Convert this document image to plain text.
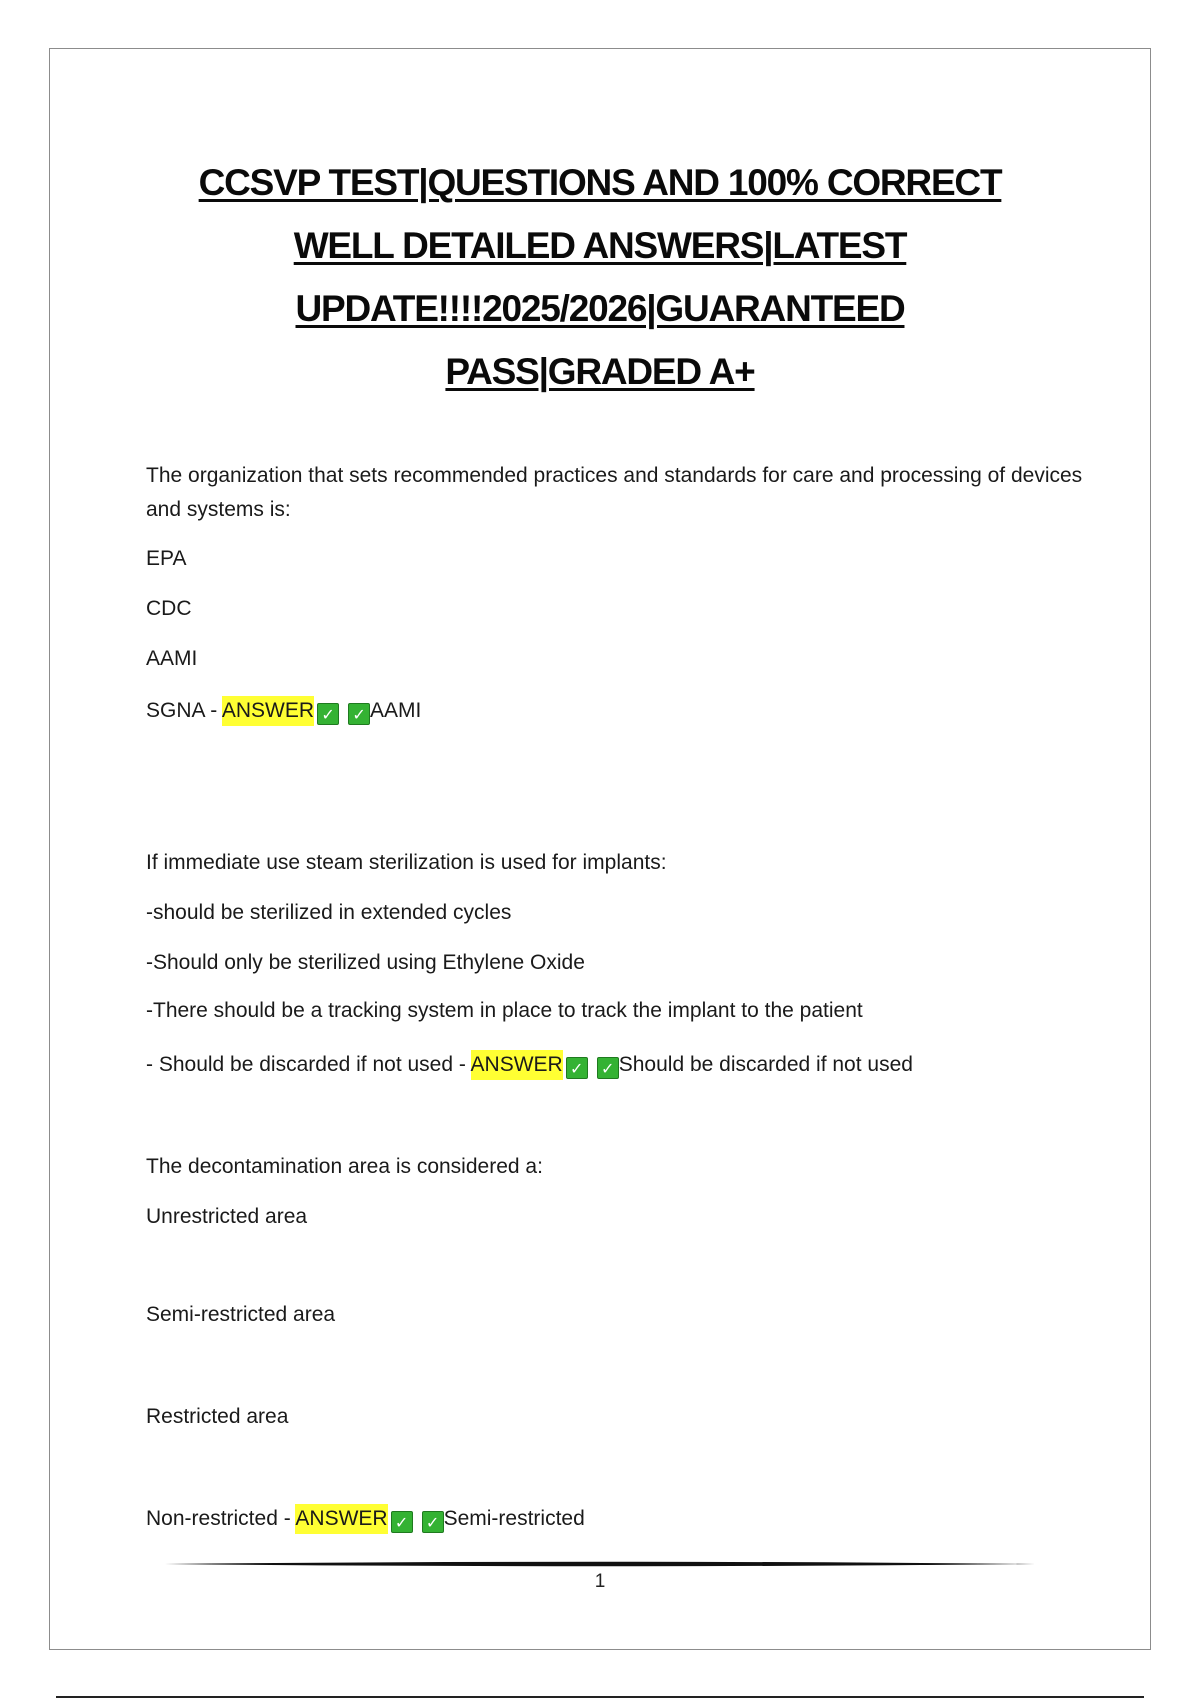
CCSVP TEST|QUESTIONS AND 100% CORRECT
WELL DETAILED ANSWERS|LATEST
UPDATE!!!!2025/2026|GUARANTEED
PASS|GRADED A+
The organization that sets recommended practices and standards for care and processing of devices and systems is:
EPA
CDC
AAMI
SGNA - ANSWER ✓ ✓ AAMI
If immediate use steam sterilization is used for implants:
-should be sterilized in extended cycles
-Should only be sterilized using Ethylene Oxide
-There should be a tracking system in place to track the implant to the patient
- Should be discarded if not used - ANSWER ✓ ✓ Should be discarded if not used
The decontamination area is considered a:
Unrestricted area
Semi-restricted area
Restricted area
Non-restricted - ANSWER ✓ ✓ Semi-restricted
1
